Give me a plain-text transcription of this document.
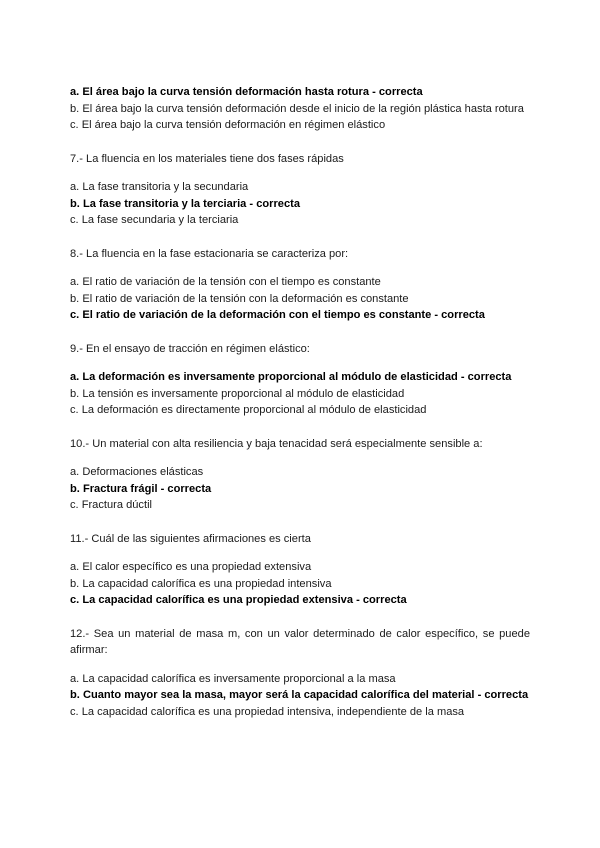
a. El área bajo la curva tensión deformación hasta rotura - correcta

b. El área bajo la curva tensión deformación desde el inicio de la región plástica hasta rotura

c. El área bajo la curva tensión deformación en régimen elástico

7.- La fluencia en los materiales tiene dos fases rápidas

a. La fase transitoria y la secundaria

b. La fase transitoria y la terciaria - correcta

c. La fase secundaria y la terciaria

8.- La fluencia en la fase estacionaria se caracteriza por:

a. El ratio de variación de la tensión con el tiempo es constante

b. El ratio de variación de la tensión con la deformación es constante

c. El ratio de variación de la deformación con el tiempo es constante - correcta

9.- En el ensayo de tracción en régimen elástico:

a. La deformación es inversamente proporcional al módulo de elasticidad - correcta

b. La tensión es inversamente proporcional al módulo de elasticidad

c. La deformación es directamente proporcional al módulo de elasticidad

10.- Un material con alta resiliencia y baja tenacidad será especialmente sensible a:

a. Deformaciones elásticas

b. Fractura frágil - correcta

c. Fractura dúctil

11.- Cuál de las siguientes afirmaciones es cierta

a. El calor específico es una propiedad extensiva

b. La capacidad calorífica es una propiedad intensiva

c. La capacidad calorífica es una propiedad extensiva - correcta

12.- Sea un material de masa m, con un valor determinado de calor específico, se puede afirmar:

a. La capacidad calorífica es inversamente proporcional a la masa

b. Cuanto mayor sea la masa, mayor será la capacidad calorífica del material - correcta

c. La capacidad calorífica es una propiedad intensiva, independiente de la masa
